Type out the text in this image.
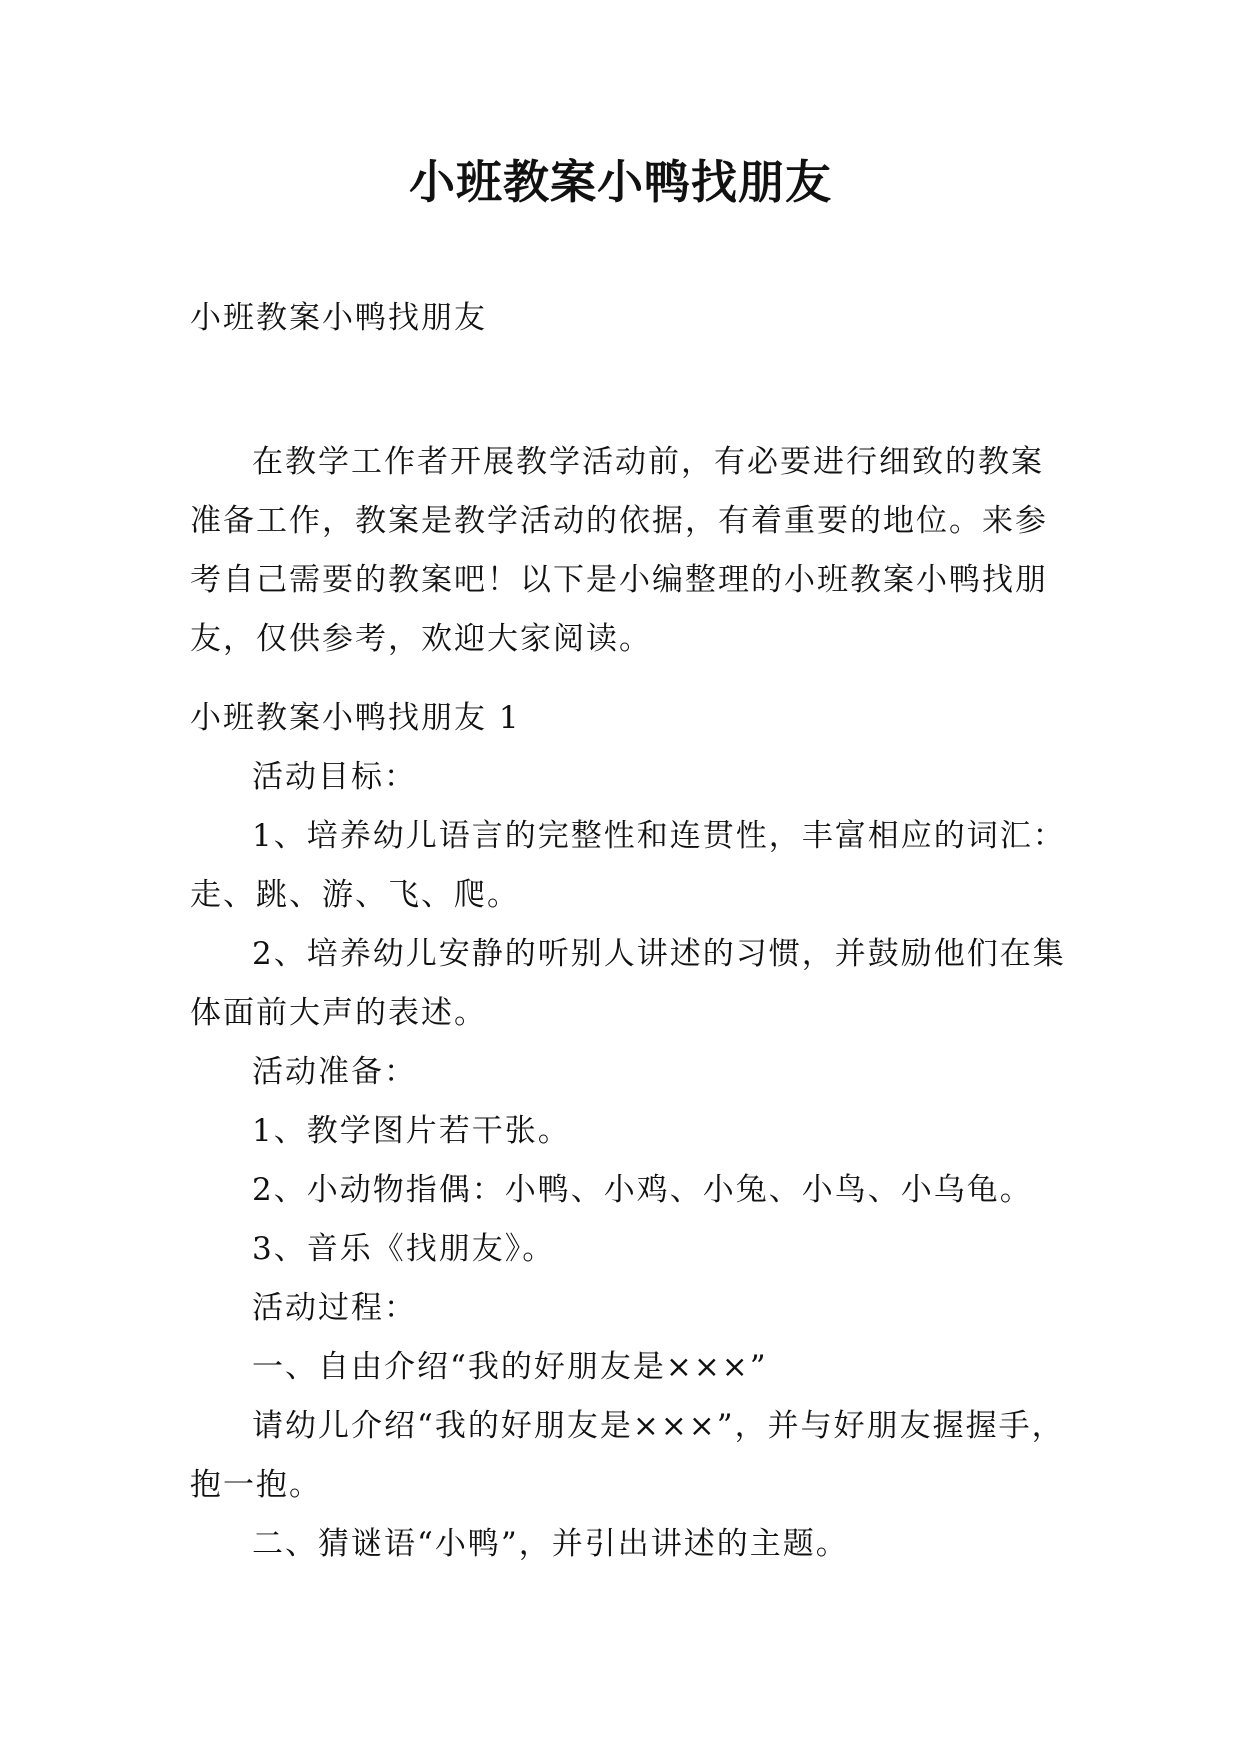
小班教案小鸭找朋友

小班教案小鸭找朋友

在教学工作者开展教学活动前，有必要进行细致的教案准备工作，教案是教学活动的依据，有着重要的地位。来参考自己需要的教案吧！以下是小编整理的小班教案小鸭找朋友，仅供参考，欢迎大家阅读。

小班教案小鸭找朋友 1

活动目标：

1、培养幼儿语言的完整性和连贯性，丰富相应的词汇：走、跳、游、飞、爬。

2、培养幼儿安静的听别人讲述的习惯，并鼓励他们在集体面前大声的表述。

活动准备：

1、教学图片若干张。

2、小动物指偶：小鸭、小鸡、小兔、小鸟、小乌龟。

3、音乐《找朋友》。

活动过程：

一、自由介绍“我的好朋友是×××”

请幼儿介绍“我的好朋友是×××”，并与好朋友握握手，抱一抱。

二、猜谜语“小鸭”，并引出讲述的主题。
